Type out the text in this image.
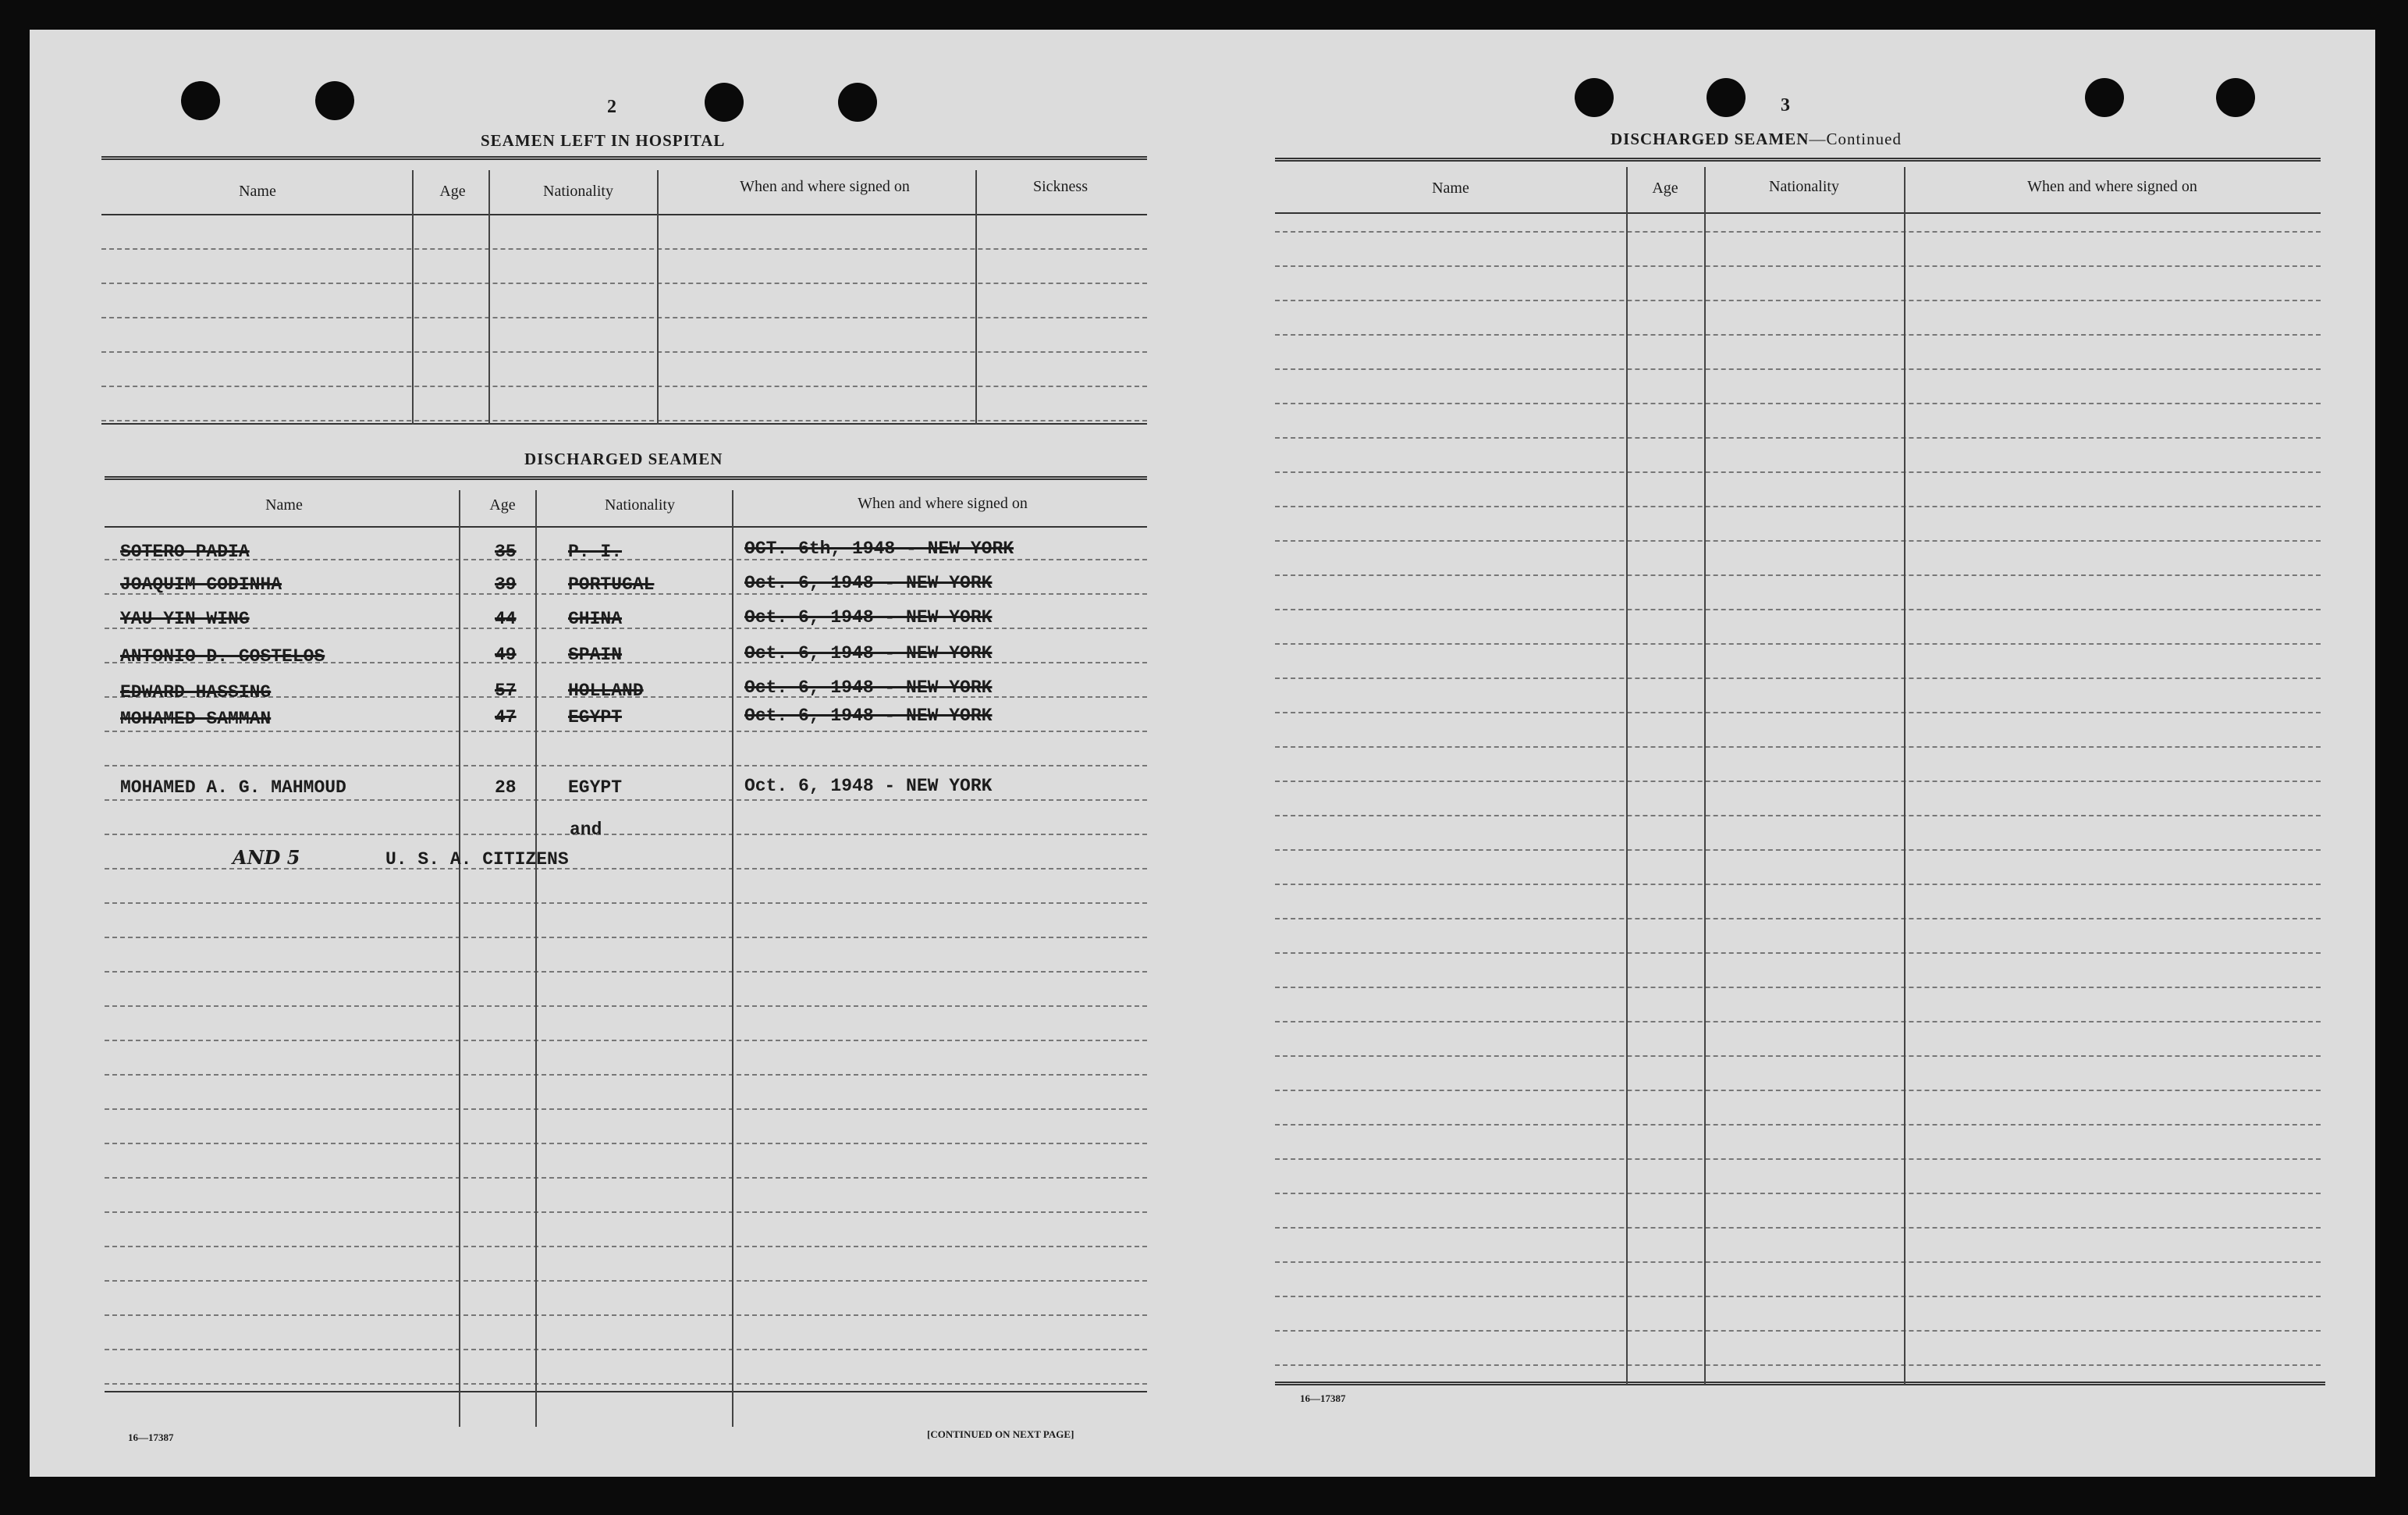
2
SEAMEN LEFT IN HOSPITAL
Name	Age	Nationality	When and where signed on	Sickness
DISCHARGED SEAMEN
Name	Age	Nationality	When and where signed on
SOTERO PADIA	35	P. I.	OCT. 6th, 1948 - NEW YORK
JOAQUIM CODINHA	39	PORTUGAL	Oct. 6, 1948 - NEW YORK
YAU YIN WING	44	CHINA	Oct. 6, 1948 - NEW YORK
ANTONIO D. COSTELOS	49	SPAIN	Oct. 6, 1948 - NEW YORK
EDWARD HASSING	57	HOLLAND	Oct. 6, 1948 - NEW YORK
MOHAMED SAMMAN	47	EGYPT	Oct. 6, 1948 - NEW YORK
MOHAMED A. G. MAHMOUD	28	EGYPT	Oct. 6, 1948 - NEW YORK
and
AND 5	U. S. A. CITIZENS
16—17387	[CONTINUED ON NEXT PAGE]
3
DISCHARGED SEAMEN—Continued
Name	Age	Nationality	When and where signed on
16—17387
